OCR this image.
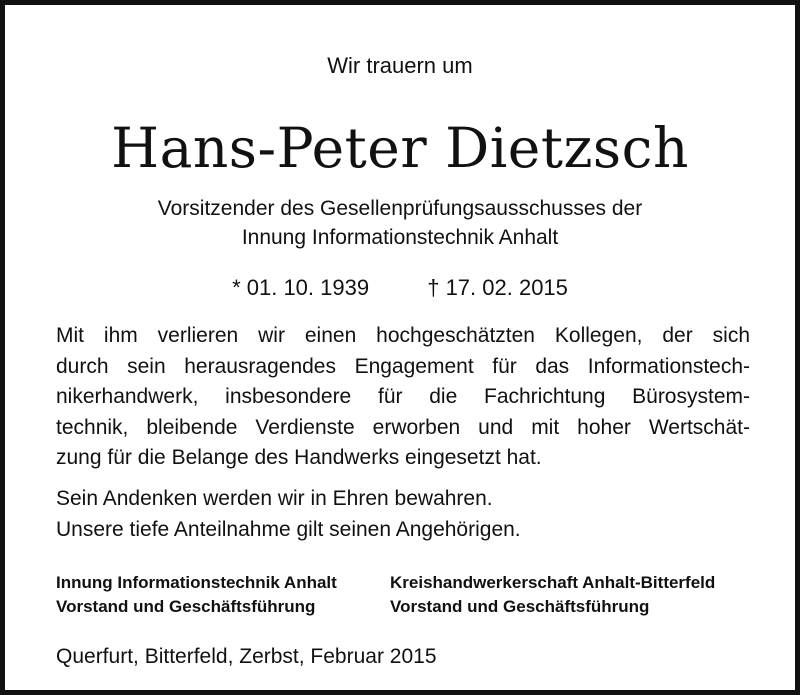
Wir trauern um
Hans-Peter Dietzsch
Vorsitzender des Gesellenprüfungsausschusses der
Innung Informationstechnik Anhalt
* 01. 10. 1939	† 17. 02. 2015
Mit ihm verlieren wir einen hochgeschätzten Kollegen, der sich
durch sein herausragendes Engagement für das Informationstech-
nikerhandwerk, insbesondere für die Fachrichtung Bürosystem-
technik, bleibende Verdienste erworben und mit hoher Wertschät-
zung für die Belange des Handwerks eingesetzt hat.
Sein Andenken werden wir in Ehren bewahren.
Unsere tiefe Anteilnahme gilt seinen Angehörigen.
Innung Informationstechnik Anhalt
Vorstand und Geschäftsführung
Kreishandwerkerschaft Anhalt-Bitterfeld
Vorstand und Geschäftsführung
Querfurt, Bitterfeld, Zerbst, Februar 2015
